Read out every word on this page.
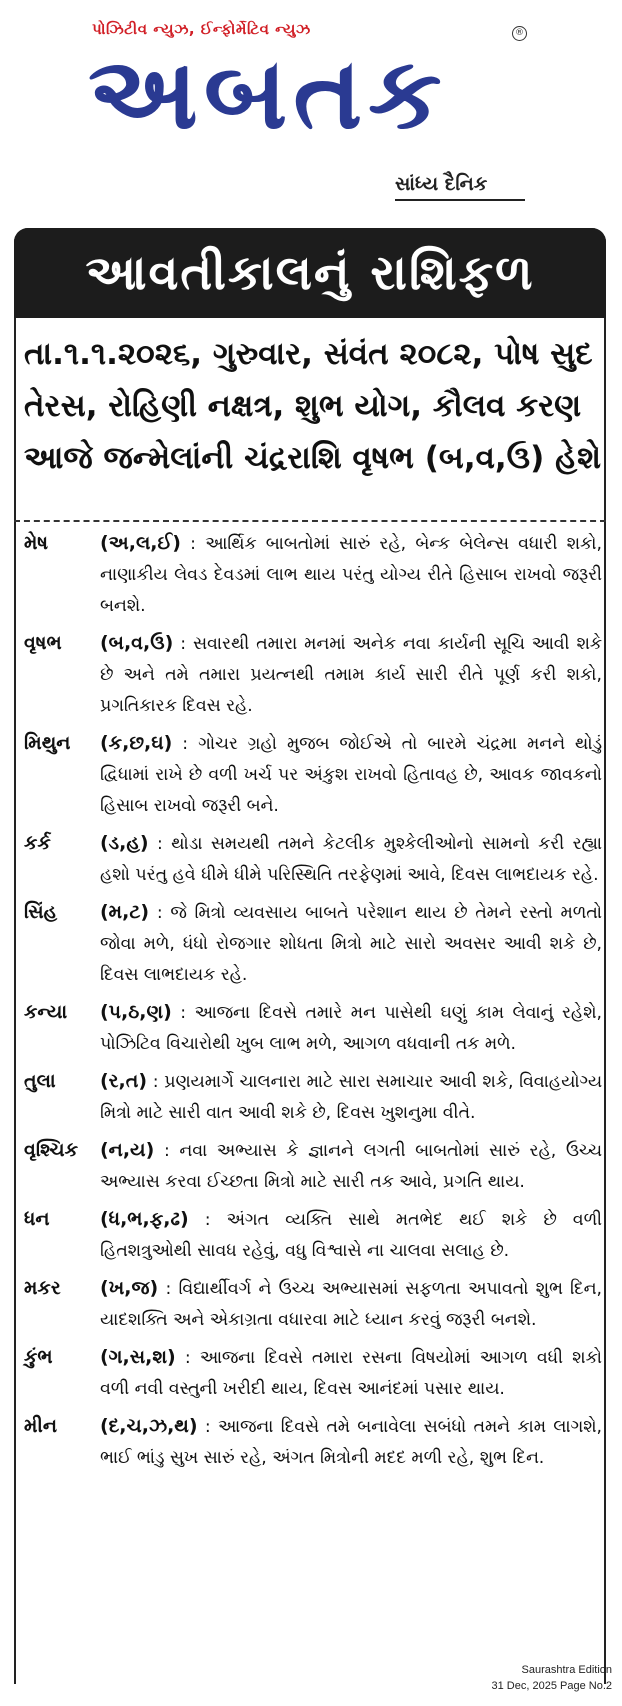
પોઝિટીવ ન્યુઝ, ઈન્ફોર્મેટિવ ન્યુઝ
અબતક
®
સાંધ્ય દૈનિક
આવતીકાલનું રાશિફળ
તા.૧.૧.૨૦૨૬, ગુરુવાર, સંવંત ૨૦૮૨, પોષ સુદ
તેરસ, રોહિણી નક્ષત્ર, શુભ યોગ, કૌલવ કરણ
આજે જન્મેલાંની ચંદ્રરાશિ વૃષભ (બ,વ,ઉ) હેશે
મેષ	(અ,લ,ઈ) : આર્થિક બાબતોમાં સારું રહે, બેન્ક બેલેન્સ વધારી શકો, નાણાકીય લેવડ દેવડમાં લાભ થાય પરંતુ યોગ્ય રીતે હિસાબ રાખવો જરૂરી બનશે.
વૃષભ	(બ,વ,ઉ) : સવારથી તમારા મનમાં અનેક નવા કાર્યની સૂચિ આવી શકે છે અને તમે તમારા પ્રયત્નથી તમામ કાર્ય સારી રીતે પૂર્ણ કરી શકો, પ્રગતિકારક દિવસ રહે.
મિથુન	(ક,છ,ઘ) : ગોચર ગ્રહો મુજબ જોઈએ તો બારમે ચંદ્રમા મનને થોડું દ્વિધામાં રાખે છે વળી ખર્ચ પર અંકુશ રાખવો હિતાવહ છે, આવક જાવકનો હિસાબ રાખવો જરૂરી બને.
કર્ક	(ડ,હ) : થોડા સમયથી તમને કેટલીક મુશ્કેલીઓનો સામનો કરી રહ્યા હશો પરંતુ હવે ધીમે ધીમે પરિસ્થિતિ તરફેણમાં આવે, દિવસ લાભદાયક રહે.
સિંહ	(મ,ટ) : જે મિત્રો વ્યવસાય બાબતે પરેશાન થાય છે તેમને રસ્તો મળતો જોવા મળે, ધંધો રોજગાર શોધતા મિત્રો માટે સારો અવસર આવી શકે છે, દિવસ લાભદાયક રહે.
કન્યા	(પ,ઠ,ણ) : આજના દિવસે તમારે મન પાસેથી ઘણું કામ લેવાનું રહેશે, પોઝિટિવ વિચારોથી ખુબ લાભ મળે, આગળ વધવાની તક મળે.
તુલા	(ર,ત) : પ્રણયમાર્ગે ચાલનારા માટે સારા સમાચાર આવી શકે, વિવાહયોગ્ય મિત્રો માટે સારી વાત આવી શકે છે, દિવસ ખુશનુમા વીતે.
વૃશ્ચિક	(ન,ય) : નવા અભ્યાસ કે જ્ઞાનને લગતી બાબતોમાં સારું રહે, ઉચ્ચ અભ્યાસ કરવા ઈચ્છતા મિત્રો માટે સારી તક આવે, પ્રગતિ થાય.
ધન	(ધ,ભ,ફ,ઢ) : અંગત વ્યક્તિ સાથે મતભેદ થઈ શકે છે વળી હિતશત્રુઓથી સાવધ રહેવું, વધુ વિશ્વાસે ના ચાલવા સલાહ છે.
મકર	(ખ,જ) : વિદ્યાર્થીવર્ગ ને ઉચ્ચ અભ્યાસમાં સફળતા અપાવતો શુભ દિન, યાદશક્તિ અને એકાગ્રતા વધારવા માટે ધ્યાન કરવું જરૂરી બનશે.
કુંભ	(ગ,સ,શ) : આજના દિવસે તમારા રસના વિષયોમાં આગળ વધી શકો વળી નવી વસ્તુની ખરીદી થાય, દિવસ આનંદમાં પસાર થાય.
મીન	(દ,ચ,ઝ,થ) : આજના દિવસે તમે બનાવેલા સબંધો તમને કામ લાગશે, ભાઈ ભાંડુ સુખ સારું રહે, અંગત મિત્રોની મદદ મળી રહે, શુભ દિન.
Saurashtra Edition
31 Dec, 2025 Page No.2
